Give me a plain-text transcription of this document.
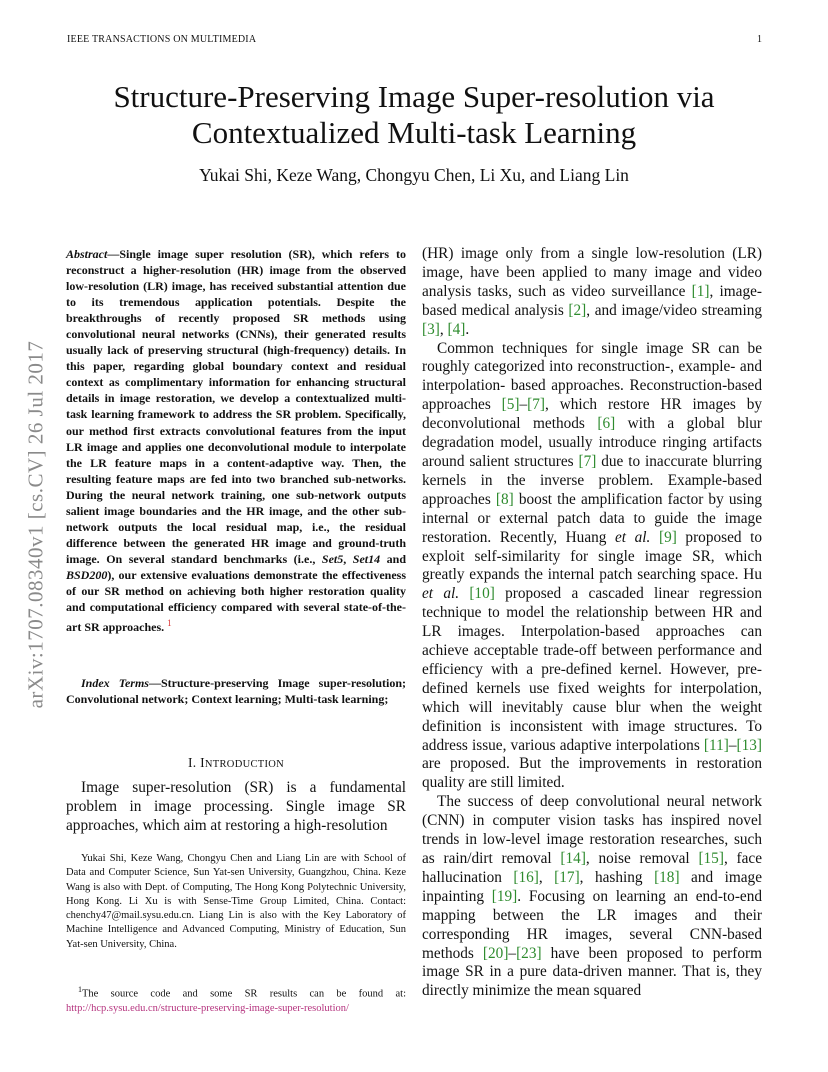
IEEE TRANSACTIONS ON MULTIMEDIA	1
arXiv:1707.08340v1 [cs.CV] 26 Jul 2017
Structure-Preserving Image Super-resolution via
Contextualized Multi-task Learning
Yukai Shi, Keze Wang, Chongyu Chen, Li Xu, and Liang Lin
Abstract—Single image super resolution (SR), which refers to reconstruct a higher-resolution (HR) image from the observed low-resolution (LR) image, has received substantial attention due to its tremendous application potentials. Despite the breakthroughs of recently proposed SR methods using convolutional neural networks (CNNs), their generated results usually lack of preserving structural (high-frequency) details. In this paper, regarding global boundary context and residual context as complimentary information for enhancing structural details in image restoration, we develop a contextualized multi-task learning framework to address the SR problem. Specifically, our method first extracts convolutional features from the input LR image and applies one deconvolutional module to interpolate the LR feature maps in a content-adaptive way. Then, the resulting feature maps are fed into two branched sub-networks. During the neural network training, one sub-network outputs salient image boundaries and the HR image, and the other sub-network outputs the local residual map, i.e., the residual difference between the generated HR image and ground-truth image. On several standard benchmarks (i.e., Set5, Set14 and BSD200), our extensive evaluations demonstrate the effectiveness of our SR method on achieving both higher restoration quality and computational efficiency compared with several state-of-the-art SR approaches. $^1$
Index Terms—Structure-preserving Image super-resolution; Convolutional network; Context learning; Multi-task learning;
I. INTRODUCTION

Image super-resolution (SR) is a fundamental problem in image processing. Single image SR approaches, which aim at restoring a high-resolution

Yukai Shi, Keze Wang, Chongyu Chen and Liang Lin are with School of Data and Computer Science, Sun Yat-sen University, Guangzhou, China. Keze Wang is also with Dept. of Computing, The Hong Kong Polytechnic University, Hong Kong. Li Xu is with Sense-Time Group Limited, China. Contact: chenchy47@mail.sysu.edu.cn. Liang Lin is also with the Key Laboratory of Machine Intelligence and Advanced Computing, Ministry of Education, Sun Yat-sen University, China.

$^1$The source code and some SR results can be found at: http://hcp.sysu.edu.cn/structure-preserving-image-super-resolution/

(HR) image only from a single low-resolution (LR) image, have been applied to many image and video analysis tasks, such as video surveillance [1], image-based medical analysis [2], and image/video streaming [3], [4].

Common techniques for single image SR can be roughly categorized into reconstruction-, example- and interpolation- based approaches. Reconstruction-based approaches [5]–[7], which restore HR images by deconvolutional methods [6] with a global blur degradation model, usually introduce ringing artifacts around salient structures [7] due to inaccurate blurring kernels in the inverse problem. Example-based approaches [8] boost the amplification factor by using internal or external patch data to guide the image restoration. Recently, Huang et al. [9] proposed to exploit self-similarity for single image SR, which greatly expands the internal patch searching space. Hu et al. [10] proposed a cascaded linear regression technique to model the relationship between HR and LR images. Interpolation-based approaches can achieve acceptable trade-off between performance and efficiency with a pre-defined kernel. However, pre-defined kernels use fixed weights for interpolation, which will inevitably cause blur when the weight definition is inconsistent with image structures. To address issue, various adaptive interpolations [11]–[13] are proposed. But the improvements in restoration quality are still limited.

The success of deep convolutional neural network (CNN) in computer vision tasks has inspired novel trends in low-level image restoration researches, such as rain/dirt removal [14], noise removal [15], face hallucination [16], [17], hashing [18] and image inpainting [19]. Focusing on learning an end-to-end mapping between the LR images and their corresponding HR images, several CNN-based methods [20]–[23] have been proposed to perform image SR in a pure data-driven manner. That is, they directly minimize the mean squared
